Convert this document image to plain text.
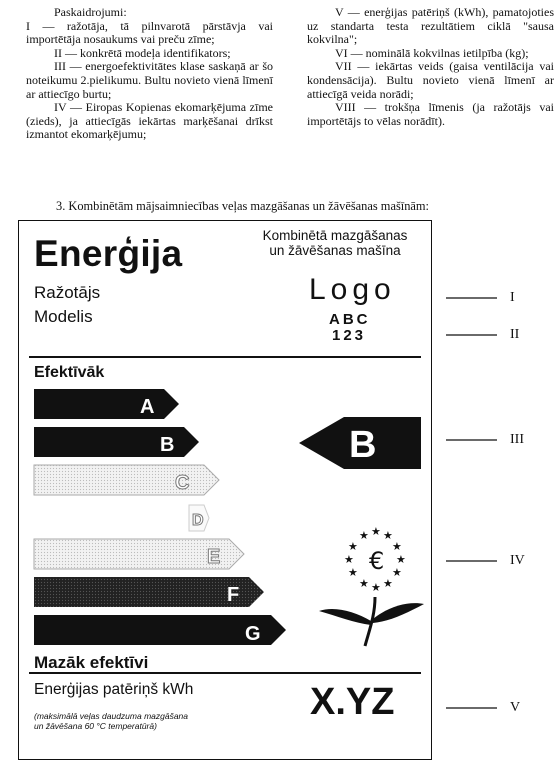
Paskaidrojumi:

I — ražotāja, tā pilnvarotā pārstāvja vai importētāja nosaukums vai preču zīme;

II — konkrētā modeļa identifikators;

III — energoefektivitātes klase saskaņā ar šo noteikumu 2.pielikumu. Bultu novieto vienā līmenī ar attiecīgo burtu;

IV — Eiropas Kopienas ekomarķējuma zīme (zieds), ja attiecīgās iekārtas marķēšanai drīkst izmantot ekomarķējumu;

V — enerģijas patēriņš (kWh), pamatojoties uz standarta testa rezultātiem ciklā "sausa kokvilna";

VI — nominālā kokvilnas ietilpība (kg);

VII — iekārtas veids (gaisa ventilācija vai kondensācija). Bultu novieto vienā līmenī ar attiecīgā veida norādi;

VIII — trokšņa līmenis (ja ražotājs vai importētājs to vēlas norādīt).

3. Kombinētām mājsaimniecības veļas mazgāšanas un žāvēšanas mašīnām:
Enerģija	Kombinētā mazgāšanas
un žāvēšanas mašīna
Ražotājs
Modelis
Logo
ABC
123
Efektīvāk
A
B
C
D
E
F
G
B
★ ★ ★
★	★
★	★
★	★
★ ★ ★
€
Mazāk efektīvi
Enerģijas patēriņš kWh	X.YZ
(maksimālā veļas daudzuma mazgāšana
un žāvēšana 60 °C temperatūrā)
I
II
III
IV
V
